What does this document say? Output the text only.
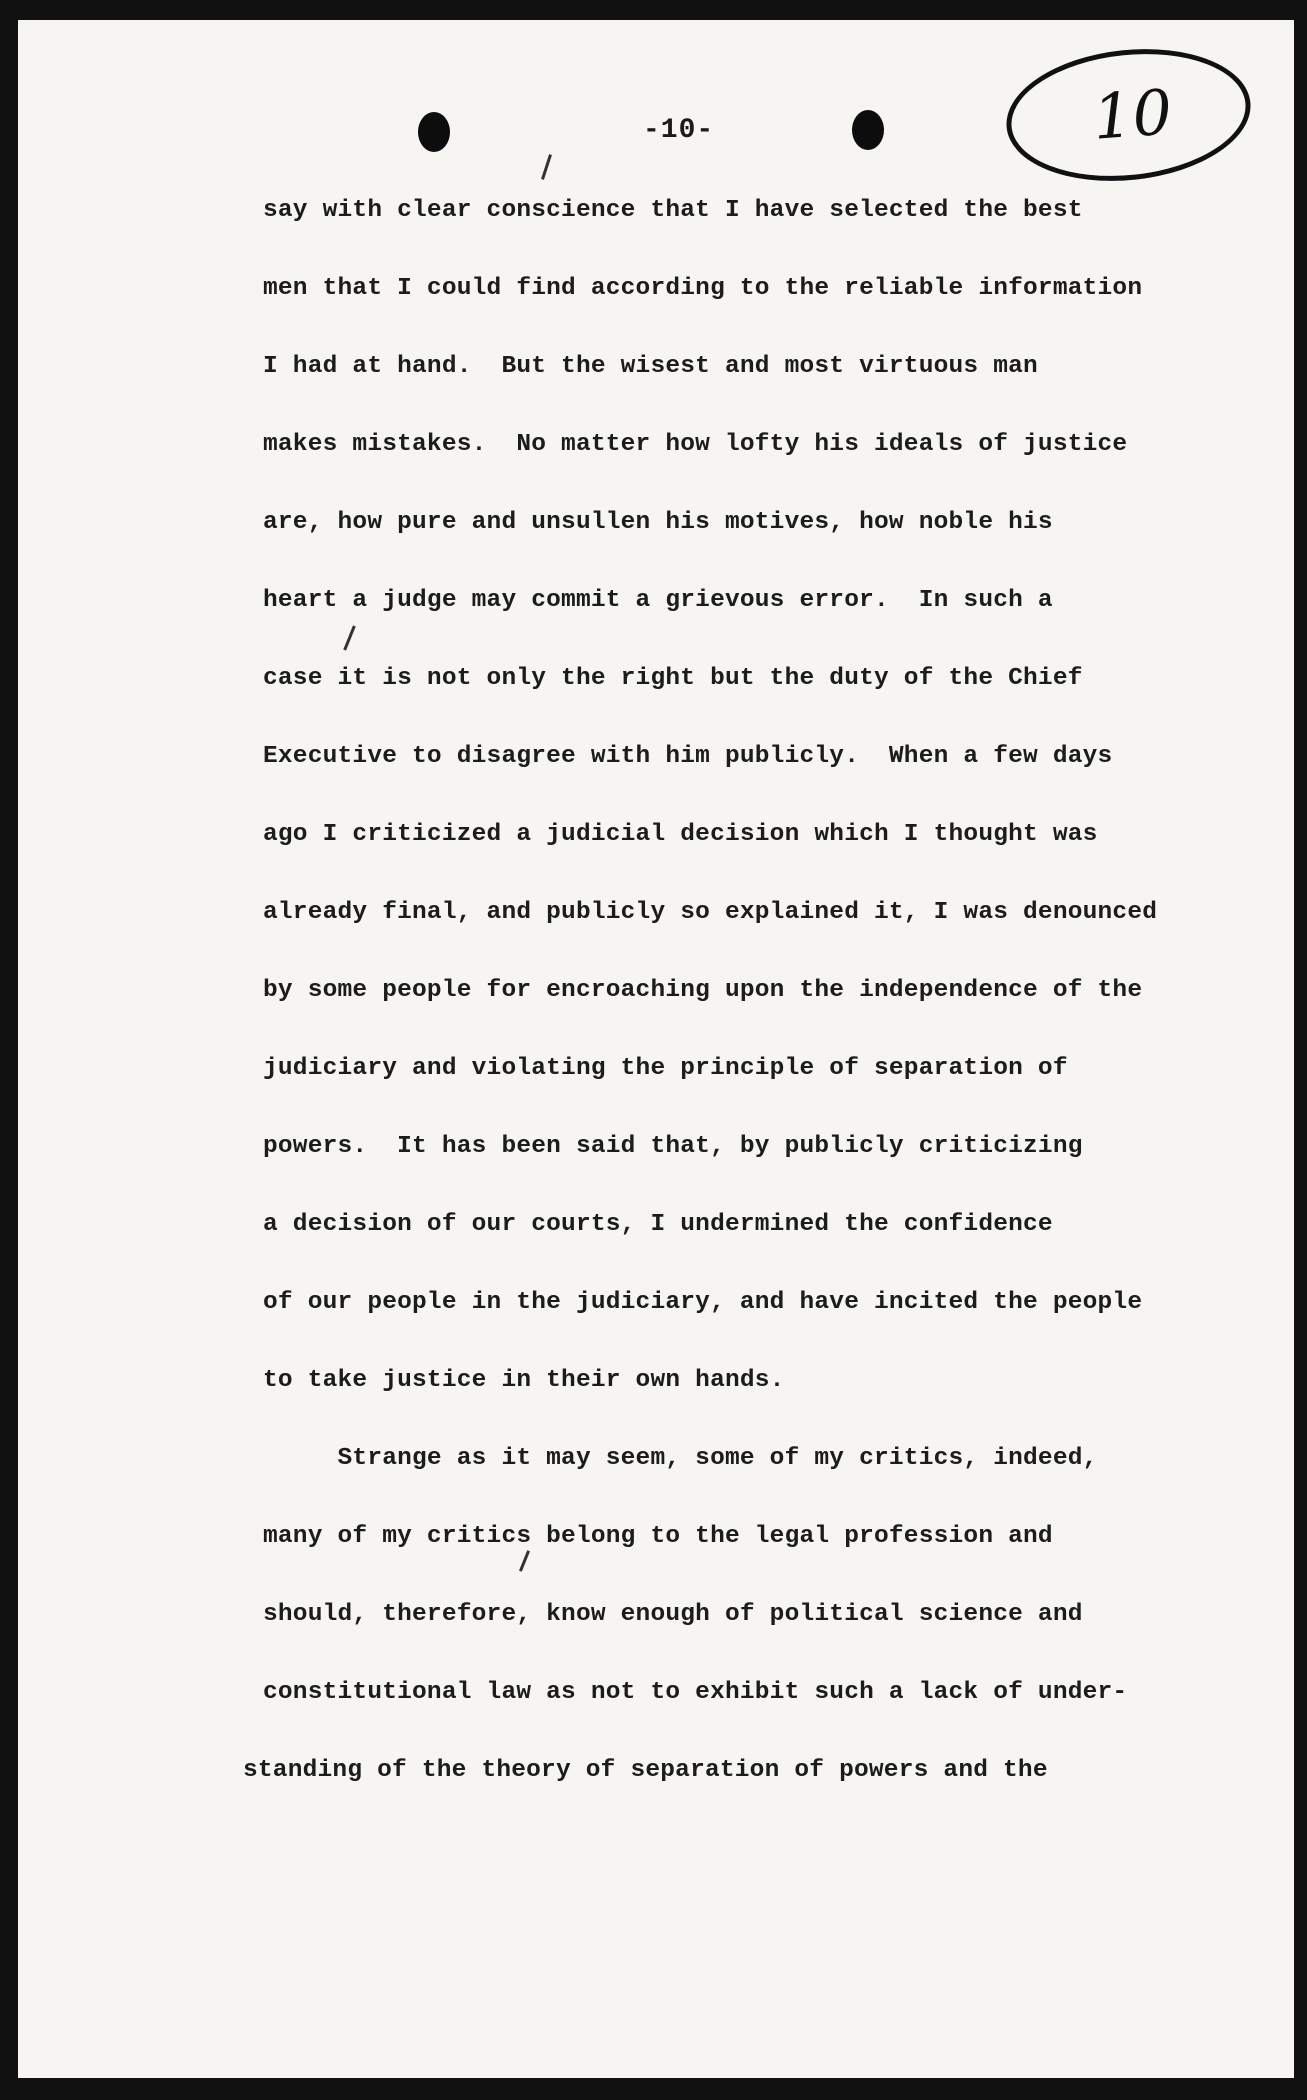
-10-	10
say with clear conscience that I have selected the best
men that I could find according to the reliable information
I had at hand.  But the wisest and most virtuous man
makes mistakes.  No matter how lofty his ideals of justice
are, how pure and unsullen his motives, how noble his
heart a judge may commit a grievous error.  In such a
case it is not only the right but the duty of the Chief
Executive to disagree with him publicly.  When a few days
ago I criticized a judicial decision which I thought was
already final, and publicly so explained it, I was denounced
by some people for encroaching upon the independence of the
judiciary and violating the principle of separation of
powers.  It has been said that, by publicly criticizing
a decision of our courts, I undermined the confidence
of our people in the judiciary, and have incited the people
to take justice in their own hands.
Strange as it may seem, some of my critics, indeed,
many of my critics belong to the legal profession and
should, therefore, know enough of political science and
constitutional law as not to exhibit such a lack of under-
standing of the theory of separation of powers and the
